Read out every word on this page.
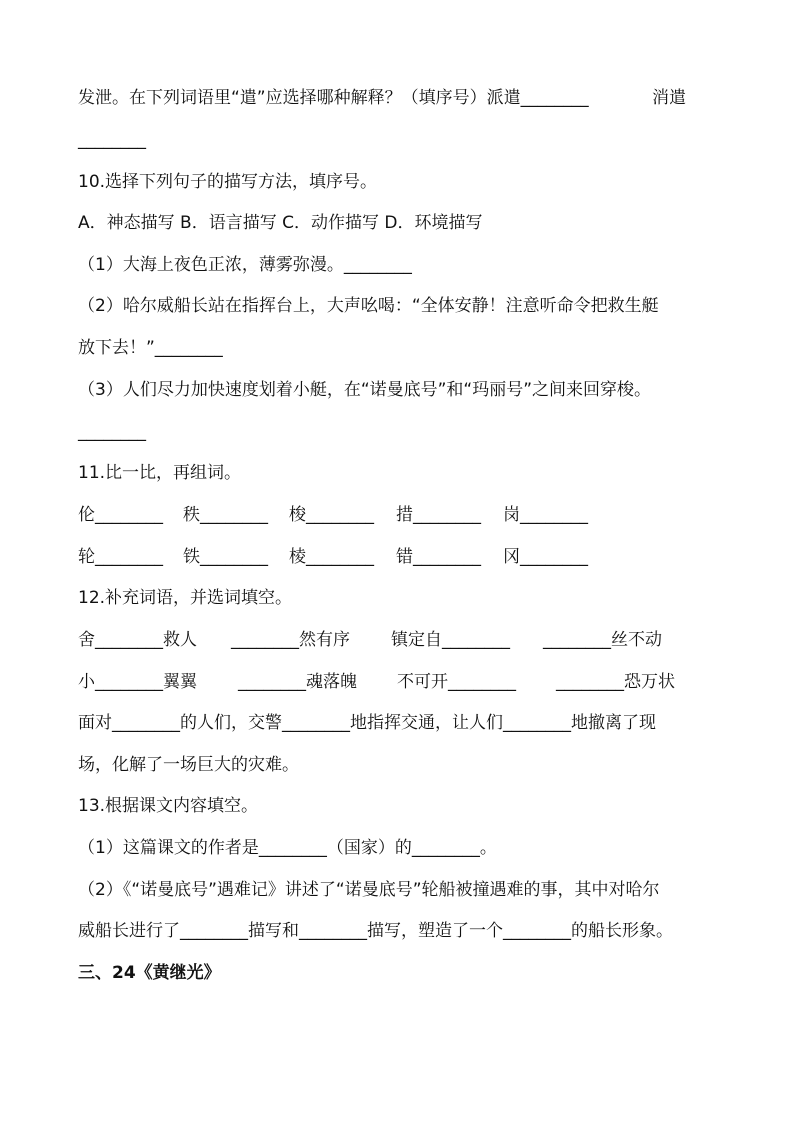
发泄。在下列词语里“遣”应选择哪种解释？（填序号）派遣________	消遣
________
10.选择下列句子的描写方法，填序号。
A．神态描写 B．语言描写 C．动作描写 D．环境描写
（1）大海上夜色正浓，薄雾弥漫。________
（2）哈尔威船长站在指挥台上，大声吆喝：“全体安静！注意听命令把救生艇
放下去！”________
（3）人们尽力加快速度划着小艇，在“诺曼底号”和“玛丽号”之间来回穿梭。
________
11.比一比，再组词。
伦________ 秩________ 梭________ 措________ 岗________
轮________ 铁________ 棱________ 错________ 冈________
12.补充词语，并选词填空。
舍________救人 ________然有序 镇定自________ ________丝不动
小________翼翼 ________魂落魄 不可开________ ________恐万状
面对________的人们，交警________地指挥交通，让人们________地撤离了现
场，化解了一场巨大的灾难。
13.根据课文内容填空。
（1）这篇课文的作者是________（国家）的________。
（2）《“诺曼底号”遇难记》讲述了“诺曼底号”轮船被撞遇难的事，其中对哈尔
威船长进行了________描写和________描写，塑造了一个________的船长形象。
三、24《黄继光》
